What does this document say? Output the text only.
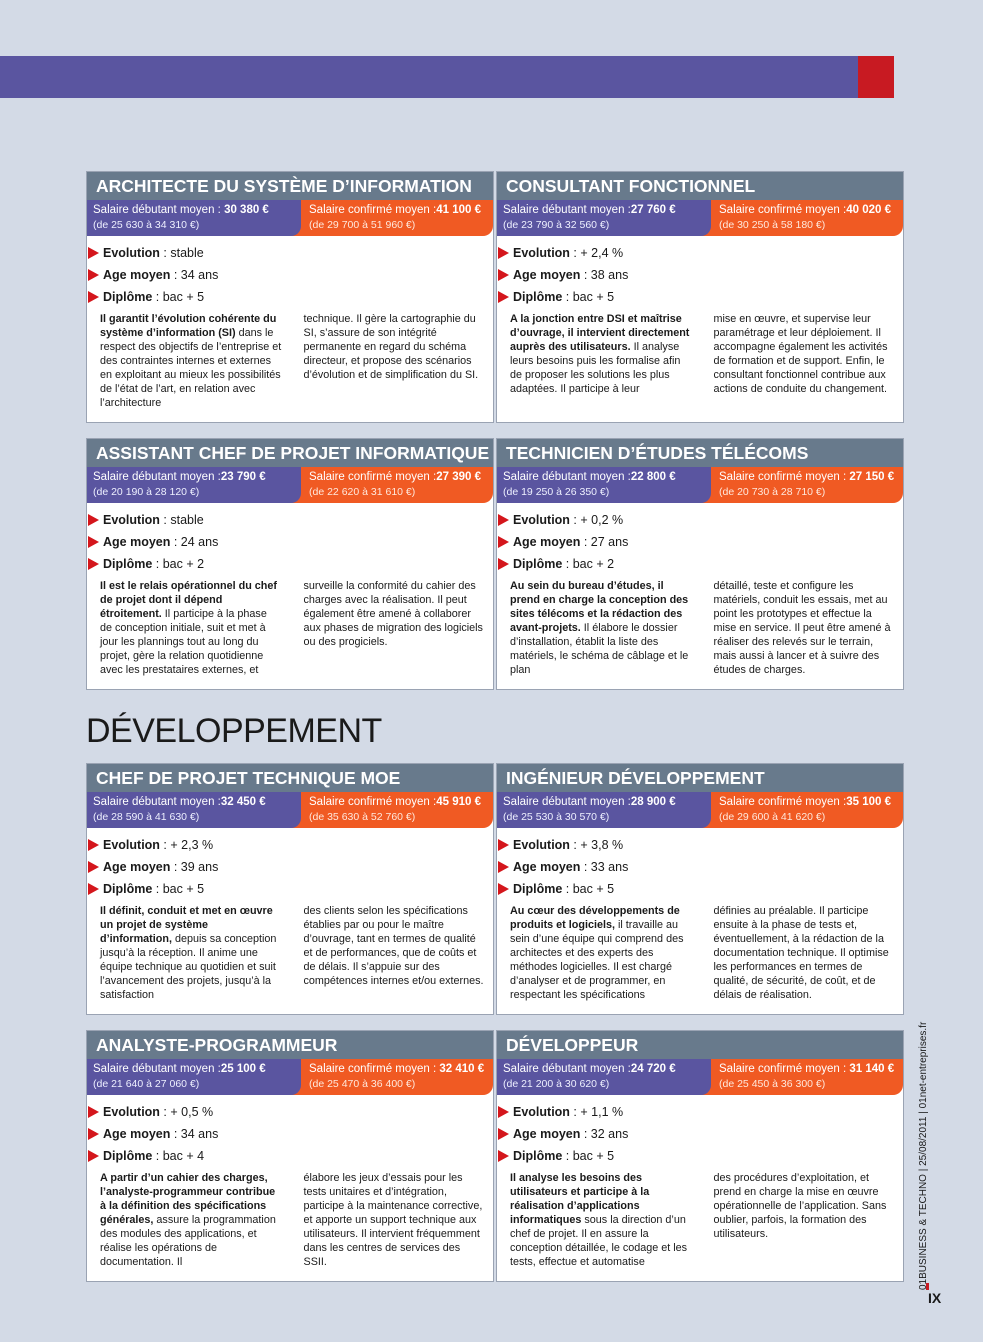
DÉVELOPPEMENT
ARCHITECTE DU SYSTÈME D’INFORMATION
Salaire débutant moyen : 30 380 €
(de 25 630 à 34 310 €)
Salaire confirmé moyen :41 100 €
(de 29 700 à 51 960 €)
Evolution : stable
Age moyen : 34 ans
Diplôme : bac + 5
Il garantit l’évolution cohérente du système d’information (SI) dans le respect des objectifs de l’entreprise et des contraintes internes et externes en exploitant au mieux les possibilités de l’état de l’art, en relation avec l’architecture
technique. Il gère la cartographie du SI, s’assure de son intégrité permanente en regard du schéma directeur, et propose des scénarios d’évolution et de simplification du SI.
CONSULTANT FONCTIONNEL
Salaire débutant moyen :27 760 €
(de 23 790 à 32 560 €)
Salaire confirmé moyen :40 020 €
(de 30 250 à 58 180 €)
Evolution : + 2,4 %
Age moyen : 38 ans
Diplôme : bac + 5
A la jonction entre DSI et maîtrise d’ouvrage, il intervient directement auprès des utilisateurs. Il analyse leurs besoins puis les formalise afin de proposer les solutions les plus adaptées. Il participe à leur
mise en œuvre, et supervise leur paramétrage et leur déploiement. Il accompagne également les activités de formation et de support. Enfin, le consultant fonctionnel contribue aux actions de conduite du changement.
ASSISTANT CHEF DE PROJET INFORMATIQUE
Salaire débutant moyen :23 790 €
(de 20 190 à 28 120 €)
Salaire confirmé moyen :27 390 €
(de 22 620 à 31 610 €)
Evolution : stable
Age moyen : 24 ans
Diplôme : bac + 2
Il est le relais opérationnel du chef de projet dont il dépend étroitement. Il participe à la phase de conception initiale, suit et met à jour les plannings tout au long du projet, gère la relation quotidienne avec les prestataires externes, et
surveille la conformité du cahier des charges avec la réalisation. Il peut également être amené à collaborer aux phases de migration des logiciels ou des progiciels.
TECHNICIEN D’ÉTUDES TÉLÉCOMS
Salaire débutant moyen :22 800 €
(de 19 250 à 26 350 €)
Salaire confirmé moyen : 27 150 €
(de 20 730 à 28 710 €)
Evolution : + 0,2 %
Age moyen : 27 ans
Diplôme : bac + 2
Au sein du bureau d’études, il prend en charge la conception des sites télécoms et la rédaction des avant-projets. Il élabore le dossier d’installation, établit la liste des matériels, le schéma de câblage et le plan
détaillé, teste et configure les matériels, conduit les essais, met au point les prototypes et effectue la mise en service. Il peut être amené à réaliser des relevés sur le terrain, mais aussi à lancer et à suivre des études de charges.
CHEF DE PROJET TECHNIQUE MOE
Salaire débutant moyen :32 450 €
(de 28 590 à 41 630 €)
Salaire confirmé moyen :45 910 €
(de 35 630 à 52 760 €)
Evolution : + 2,3 %
Age moyen : 39 ans
Diplôme : bac + 5
Il définit, conduit et met en œuvre un projet de système d’information, depuis sa conception jusqu’à la réception. Il anime une équipe technique au quotidien et suit l’avancement des projets, jusqu’à la satisfaction
des clients selon les spécifications établies par ou pour le maître d’ouvrage, tant en termes de qualité et de performances, que de coûts et de délais. Il s’appuie sur des compétences internes et/ou externes.
INGÉNIEUR DÉVELOPPEMENT
Salaire débutant moyen :28 900 €
(de 25 530 à 30 570 €)
Salaire confirmé moyen :35 100 €
(de 29 600 à 41 620 €)
Evolution : + 3,8 %
Age moyen : 33 ans
Diplôme : bac + 5
Au cœur des développements de produits et logiciels, il travaille au sein d’une équipe qui comprend des architectes et des experts des méthodes logicielles. Il est chargé d’analyser et de programmer, en respectant les spécifications
définies au préalable. Il participe ensuite à la phase de tests et, éventuellement, à la rédaction de la documentation technique. Il optimise les performances en termes de qualité, de sécurité, de coût, et de délais de réalisation.
ANALYSTE-PROGRAMMEUR
Salaire débutant moyen :25 100 €
(de 21 640 à 27 060 €)
Salaire confirmé moyen : 32 410 €
(de 25 470 à 36 400 €)
Evolution : + 0,5 %
Age moyen : 34 ans
Diplôme : bac + 4
A partir d’un cahier des charges, l’analyste-programmeur contribue à la définition des spécifications générales, assure la programmation des modules des applications, et réalise les opérations de documentation. Il
élabore les jeux d’essais pour les tests unitaires et d’intégration, participe à la maintenance corrective, et apporte un support technique aux utilisateurs. Il intervient fréquemment dans les centres de services des SSII.
DÉVELOPPEUR
Salaire débutant moyen :24 720 €
(de 21 200 à 30 620 €)
Salaire confirmé moyen : 31 140 €
(de 25 450 à 36 300 €)
Evolution : + 1,1 %
Age moyen : 32 ans
Diplôme : bac + 5
Il analyse les besoins des utilisateurs et participe à la réalisation d’applications informatiques sous la direction d’un chef de projet. Il en assure la conception détaillée, le codage et les tests, effectue et automatise
des procédures d’exploitation, et prend en charge la mise en œuvre opérationnelle de l’application. Sans oublier, parfois, la formation des utilisateurs.
IX
01BUSINESS & TECHNO | 25/08/2011 | 01net-entreprises.fr
